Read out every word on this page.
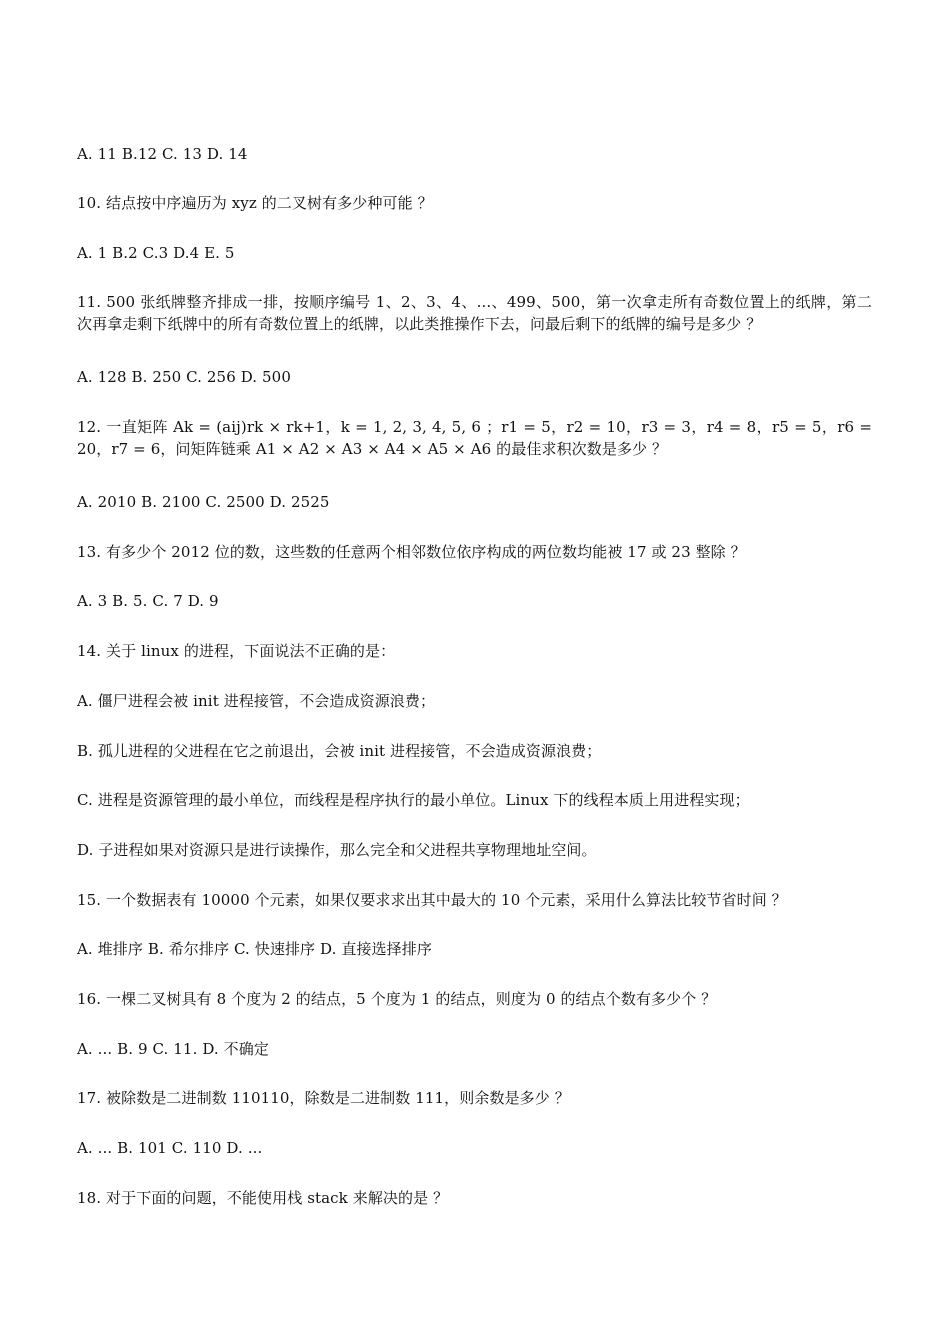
A. 11 B.12 C. 13 D. 14
10. 结点按中序遍历为 xyz 的二叉树有多少种可能 ？
A. 1 B.2 C.3 D.4 E. 5
11. 500 张纸牌整齐排成一排，按顺序编号 1、2、3、4、...、499、500，第一次拿走所有奇数位置上的纸牌，第二次再拿走剩下纸牌中的所有奇数位置上的纸牌，以此类推操作下去，问最后剩下的纸牌的编号是多少 ？
A. 128 B. 250 C. 256 D. 500
12. 一直矩阵 Ak = (aij)rk × rk+1，k = 1, 2, 3, 4, 5, 6 ；r1 = 5，r2 = 10，r3 = 3，r4 = 8，r5 = 5，r6 = 20，r7 = 6，问矩阵链乘 A1 × A2 × A3 × A4 × A5 × A6 的最佳求积次数是多少 ？
A. 2010 B. 2100 C. 2500 D. 2525
13. 有多少个 2012 位的数，这些数的任意两个相邻数位依序构成的两位数均能被 17 或 23 整除 ？
A. 3 B. 5. C. 7 D. 9
14. 关于 linux 的进程，下面说法不正确的是：
A. 僵尸进程会被 init 进程接管，不会造成资源浪费；
B. 孤儿进程的父进程在它之前退出，会被 init 进程接管，不会造成资源浪费；
C. 进程是资源管理的最小单位，而线程是程序执行的最小单位。Linux 下的线程本质上用进程实现；
D. 子进程如果对资源只是进行读操作，那么完全和父进程共享物理地址空间。
15. 一个数据表有 10000 个元素，如果仅要求求出其中最大的 10 个元素，采用什么算法比较节省时间 ？
A. 堆排序 B. 希尔排序 C. 快速排序 D. 直接选择排序
16. 一棵二叉树具有 8 个度为 2 的结点，5 个度为 1 的结点，则度为 0 的结点个数有多少个 ？
A. ... B. 9 C. 11. D. 不确定
17. 被除数是二进制数 110110，除数是二进制数 111，则余数是多少 ？
A. ... B. 101 C. 110 D. ...
18. 对于下面的问题，不能使用栈 stack 来解决的是 ？
